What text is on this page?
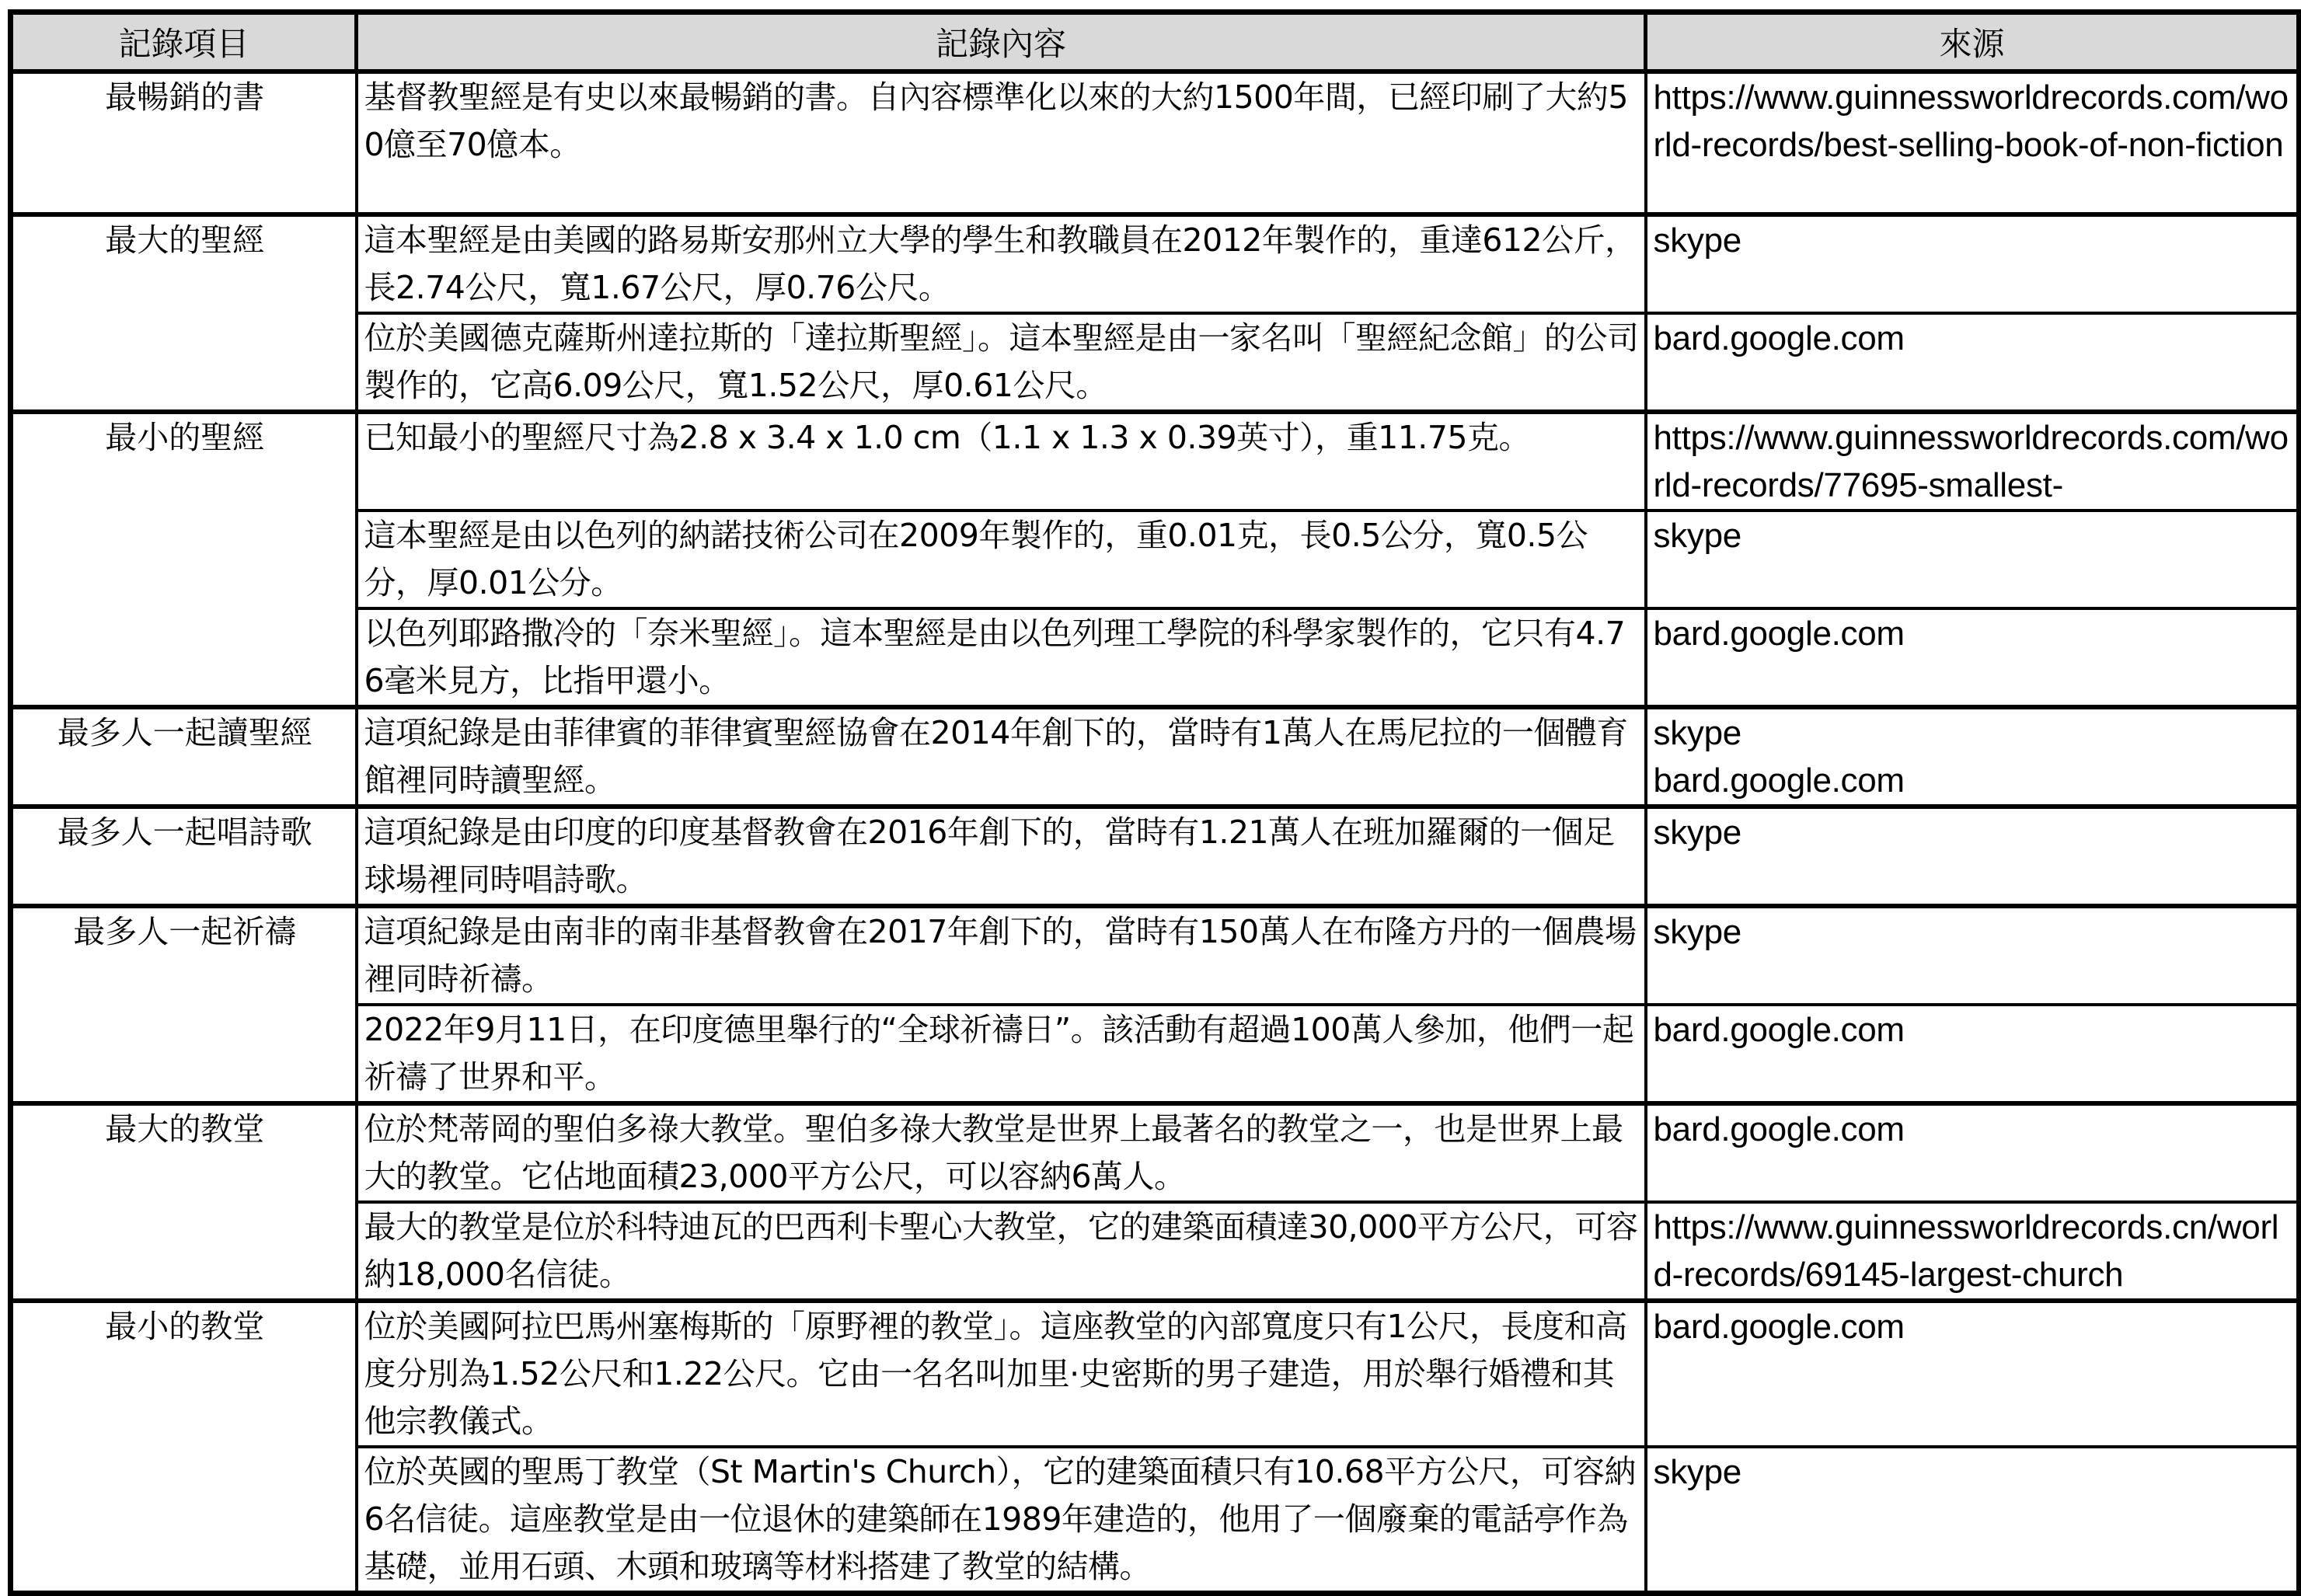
記錄項目	記錄內容	來源
最暢銷的書	基督教聖經是有史以來最暢銷的書。自內容標準化以來的大約1500年間，已經印刷了大約50億至70億本。	https://www.guinnessworldrecords.com/world-records/best-selling-book-of-non-fiction

最大的聖經	這本聖經是由美國的路易斯安那州立大學的學生和教職員在2012年製作的，重達612公斤，長2.74公尺，寬1.67公尺，厚0.76公尺。	skype

	位於美國德克薩斯州達拉斯的「達拉斯聖經」。這本聖經是由一家名叫「聖經紀念館」的公司製作的，它高6.09公尺，寬1.52公尺，厚0.61公尺。	bard.google.com

最小的聖經	已知最小的聖經尺寸為2.8 x 3.4 x 1.0 cm（1.1 x 1.3 x 0.39英寸），重11.75克。	https://www.guinnessworldrecords.com/world-records/77695-smallest-

	這本聖經是由以色列的納諾技術公司在2009年製作的，重0.01克，長0.5公分，寬0.5公分，厚0.01公分。	skype

	以色列耶路撒冷的「奈米聖經」。這本聖經是由以色列理工學院的科學家製作的，它只有4.76毫米見方，比指甲還小。	bard.google.com

最多人一起讀聖經	這項紀錄是由菲律賓的菲律賓聖經協會在2014年創下的，當時有1萬人在馬尼拉的一個體育館裡同時讀聖經。	skype
bard.google.com

最多人一起唱詩歌	這項紀錄是由印度的印度基督教會在2016年創下的，當時有1.21萬人在班加羅爾的一個足球場裡同時唱詩歌。	skype

最多人一起祈禱	這項紀錄是由南非的南非基督教會在2017年創下的，當時有150萬人在布隆方丹的一個農場裡同時祈禱。	skype

	2022年9月11日，在印度德里舉行的“全球祈禱日”。該活動有超過100萬人參加，他們一起祈禱了世界和平。	bard.google.com

最大的教堂	位於梵蒂岡的聖伯多祿大教堂。聖伯多祿大教堂是世界上最著名的教堂之一，也是世界上最大的教堂。它佔地面積23,000平方公尺，可以容納6萬人。	bard.google.com

	最大的教堂是位於科特迪瓦的巴西利卡聖心大教堂，它的建築面積達30,000平方公尺，可容納18,000名信徒。	https://www.guinnessworldrecords.cn/world-records/69145-largest-church

最小的教堂	位於美國阿拉巴馬州塞梅斯的「原野裡的教堂」。這座教堂的內部寬度只有1公尺，長度和高度分別為1.52公尺和1.22公尺。它由一名名叫加里·史密斯的男子建造，用於舉行婚禮和其他宗教儀式。	bard.google.com

	位於英國的聖馬丁教堂（St Martin's Church），它的建築面積只有10.68平方公尺，可容納6名信徒。這座教堂是由一位退休的建築師在1989年建造的，他用了一個廢棄的電話亭作為基礎，並用石頭、木頭和玻璃等材料搭建了教堂的結構。	skype
